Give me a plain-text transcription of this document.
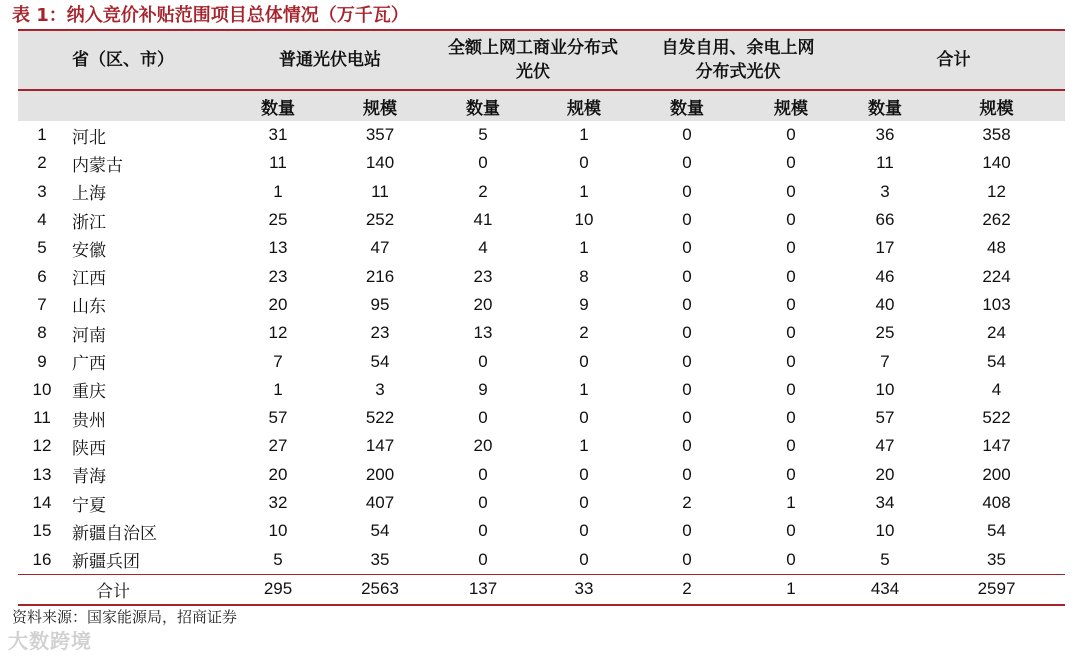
表 1：纳入竞价补贴范围项目总体情况（万千瓦）
省（区、市）		普通光伏电站		全额上网工商业分布式光伏		自发自用、余电上网分布式光伏		合计	
		数量	规模	数量	规模	数量	规模	数量	规模
1	河北	31	357	5	1	0	0	36	358
2	内蒙古	11	140	0	0	0	0	11	140
3	上海	1	11	2	1	0	0	3	12
4	浙江	25	252	41	10	0	0	66	262
5	安徽	13	47	4	1	0	0	17	48
6	江西	23	216	23	8	0	0	46	224
7	山东	20	95	20	9	0	0	40	103
8	河南	12	23	13	2	0	0	25	24
9	广西	7	54	0	0	0	0	7	54
10	重庆	1	3	9	1	0	0	10	4
11	贵州	57	522	0	0	0	0	57	522
12	陕西	27	147	20	1	0	0	47	147
13	青海	20	200	0	0	0	0	20	200
14	宁夏	32	407	0	0	2	1	34	408
15	新疆自治区	10	54	0	0	0	0	10	54
16	新疆兵团	5	35	0	0	0	0	5	35
合计		295	2563	137	33	2	1	434	2597
资料来源：国家能源局，招商证券
大数跨境
